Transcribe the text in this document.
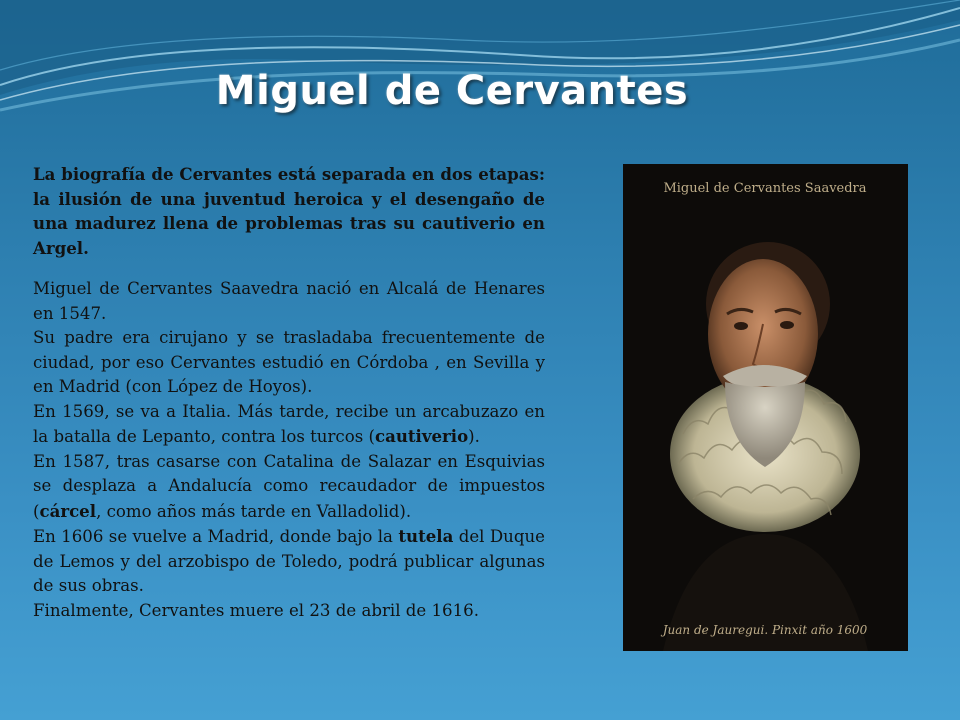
Miguel de Cervantes

La biografía de Cervantes está separada en dos etapas: la ilusión de una juventud heroica y el desengaño de una madurez llena de problemas tras su cautiverio en Argel.

Miguel de Cervantes Saavedra nació en Alcalá de Henares en 1547.

Su padre era cirujano y se trasladaba frecuentemente de ciudad, por eso Cervantes estudió en Córdoba , en Sevilla y en Madrid (con López de Hoyos).

En 1569, se va a Italia. Más tarde, recibe un arcabuzazo en la batalla de Lepanto, contra los turcos (cautiverio).

En 1587, tras casarse con Catalina de Salazar en Esquivias se desplaza a Andalucía como recaudador de impuestos (cárcel, como años más tarde en Valladolid).

En 1606 se vuelve a Madrid, donde bajo la tutela del Duque de Lemos y del arzobispo de Toledo, podrá publicar algunas de sus obras.

Finalmente, Cervantes muere el 23 de abril de 1616.

Miguel de Cervantes Saavedra
Juan de Jauregui. Pinxit año 1600
